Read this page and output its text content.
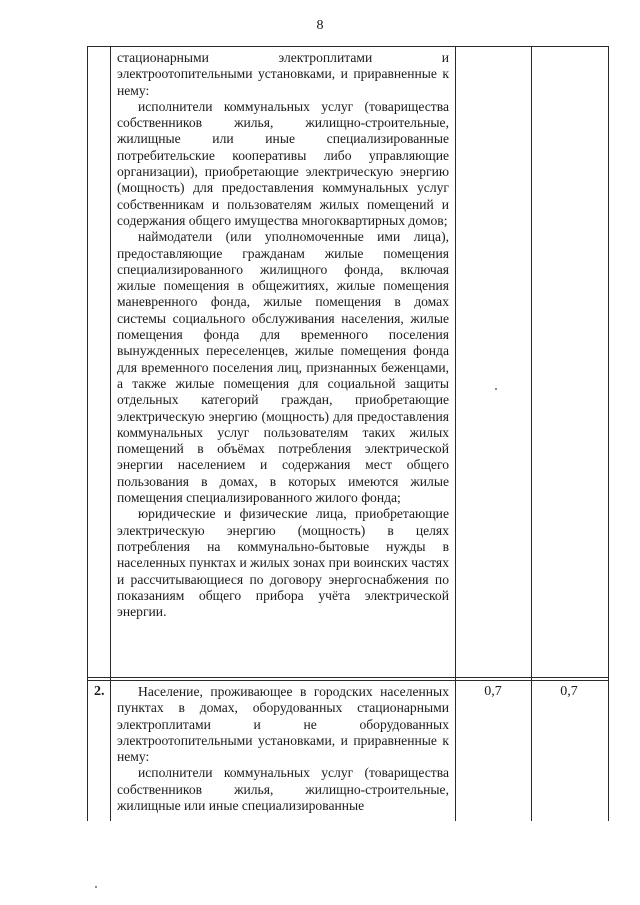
8

стационарными электроплитами и электроотопительными установками, и приравненные к нему:

исполнители коммунальных услуг (товарищества собственников жилья, жилищно-строительные, жилищные или иные специализированные потребительские кооперативы либо управляющие организации), приобретающие электрическую энергию (мощность) для предоставления коммунальных услуг собственникам и пользователям жилых помещений и содержания общего имущества многоквартирных домов;

наймодатели (или уполномоченные ими лица), предоставляющие гражданам жилые помещения специализированного жилищного фонда, включая жилые помещения в общежитиях, жилые помещения маневренного фонда, жилые помещения в домах системы социального обслуживания населения, жилые помещения фонда для временного поселения вынужденных переселенцев, жилые помещения фонда для временного поселения лиц, признанных беженцами, а также жилые помещения для социальной защиты отдельных категорий граждан, приобретающие электрическую энергию (мощность) для предоставления коммунальных услуг пользователям таких жилых помещений в объёмах потребления электрической энергии населением и содержания мест общего пользования в домах, в которых имеются жилые помещения специализированного жилого фонда;

юридические и физические лица, приобретающие электрическую энергию (мощность) в целях потребления на коммунально-бытовые нужды в населенных пунктах и жилых зонах при воинских частях и рассчитывающиеся по договору энергоснабжения по показаниям общего прибора учёта электрической энергии.

2.	Население, проживающее в городских населенных пунктах в домах, оборудованных стационарными электроплитами и не оборудованных электроотопительными установками, и приравненные к нему:

исполнители коммунальных услуг (товарищества собственников жилья, жилищно-строительные, жилищные или иные специализированные

0,7	0,7
